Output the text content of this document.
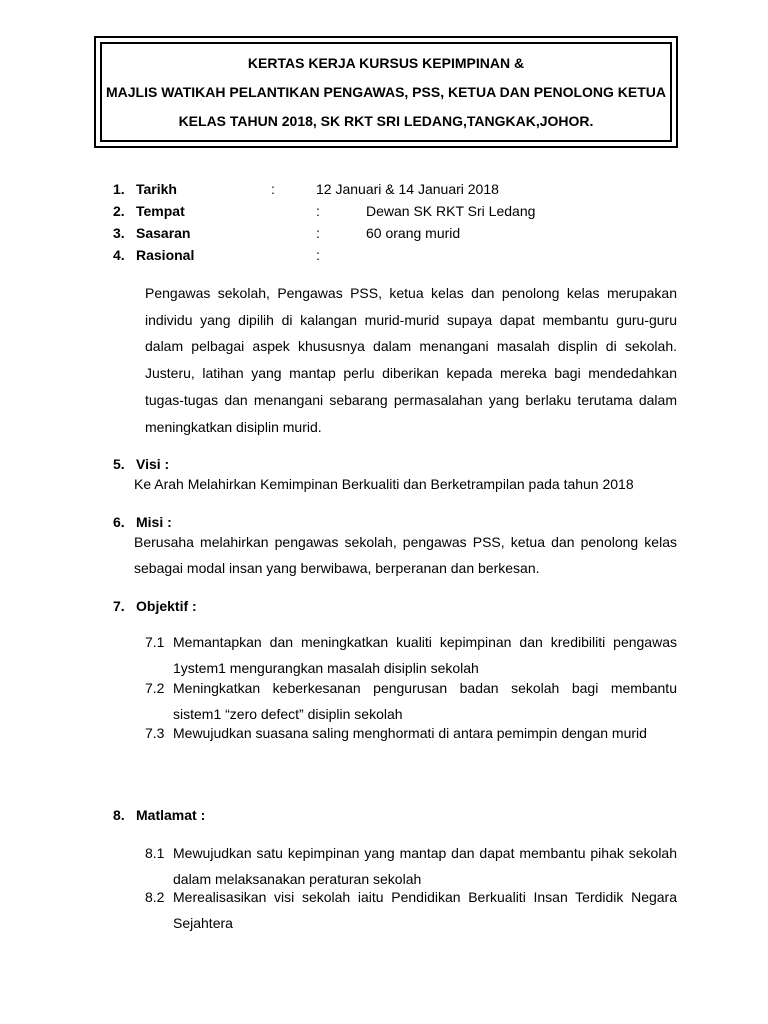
KERTAS KERJA KURSUS KEPIMPINAN &
MAJLIS WATIKAH PELANTIKAN PENGAWAS, PSS, KETUA DAN PENOLONG KETUA
KELAS TAHUN 2018, SK RKT SRI LEDANG,TANGKAK,JOHOR.
1. Tarikh	:	12 Januari & 14 Januari 2018
2. Tempat	:	Dewan SK RKT Sri Ledang
3. Sasaran	:	60 orang murid
4. Rasional	:
Pengawas sekolah, Pengawas PSS, ketua kelas dan penolong kelas merupakan individu yang dipilih di kalangan murid-murid supaya dapat membantu guru-guru dalam pelbagai aspek khususnya dalam menangani masalah displin di sekolah. Justeru, latihan yang mantap perlu diberikan kepada mereka bagi mendedahkan tugas-tugas dan menangani sebarang permasalahan yang berlaku terutama dalam meningkatkan disiplin murid.
5. Visi :
Ke Arah Melahirkan Kemimpinan Berkualiti dan Berketrampilan pada tahun 2018
6. Misi :
Berusaha melahirkan pengawas sekolah, pengawas PSS, ketua dan penolong kelas sebagai modal insan yang berwibawa, berperanan dan berkesan.
7. Objektif :
7.1 Memantapkan dan meningkatkan kualiti kepimpinan dan kredibiliti pengawas 1ystem1 mengurangkan masalah disiplin sekolah
7.2 Meningkatkan keberkesanan pengurusan badan sekolah bagi membantu sistem1 “zero defect” disiplin sekolah
7.3 Mewujudkan suasana saling menghormati di antara pemimpin dengan murid
8. Matlamat :
8.1 Mewujudkan satu kepimpinan yang mantap dan dapat membantu pihak sekolah dalam melaksanakan peraturan sekolah
8.2 Merealisasikan visi sekolah iaitu Pendidikan Berkualiti Insan Terdidik Negara Sejahtera
